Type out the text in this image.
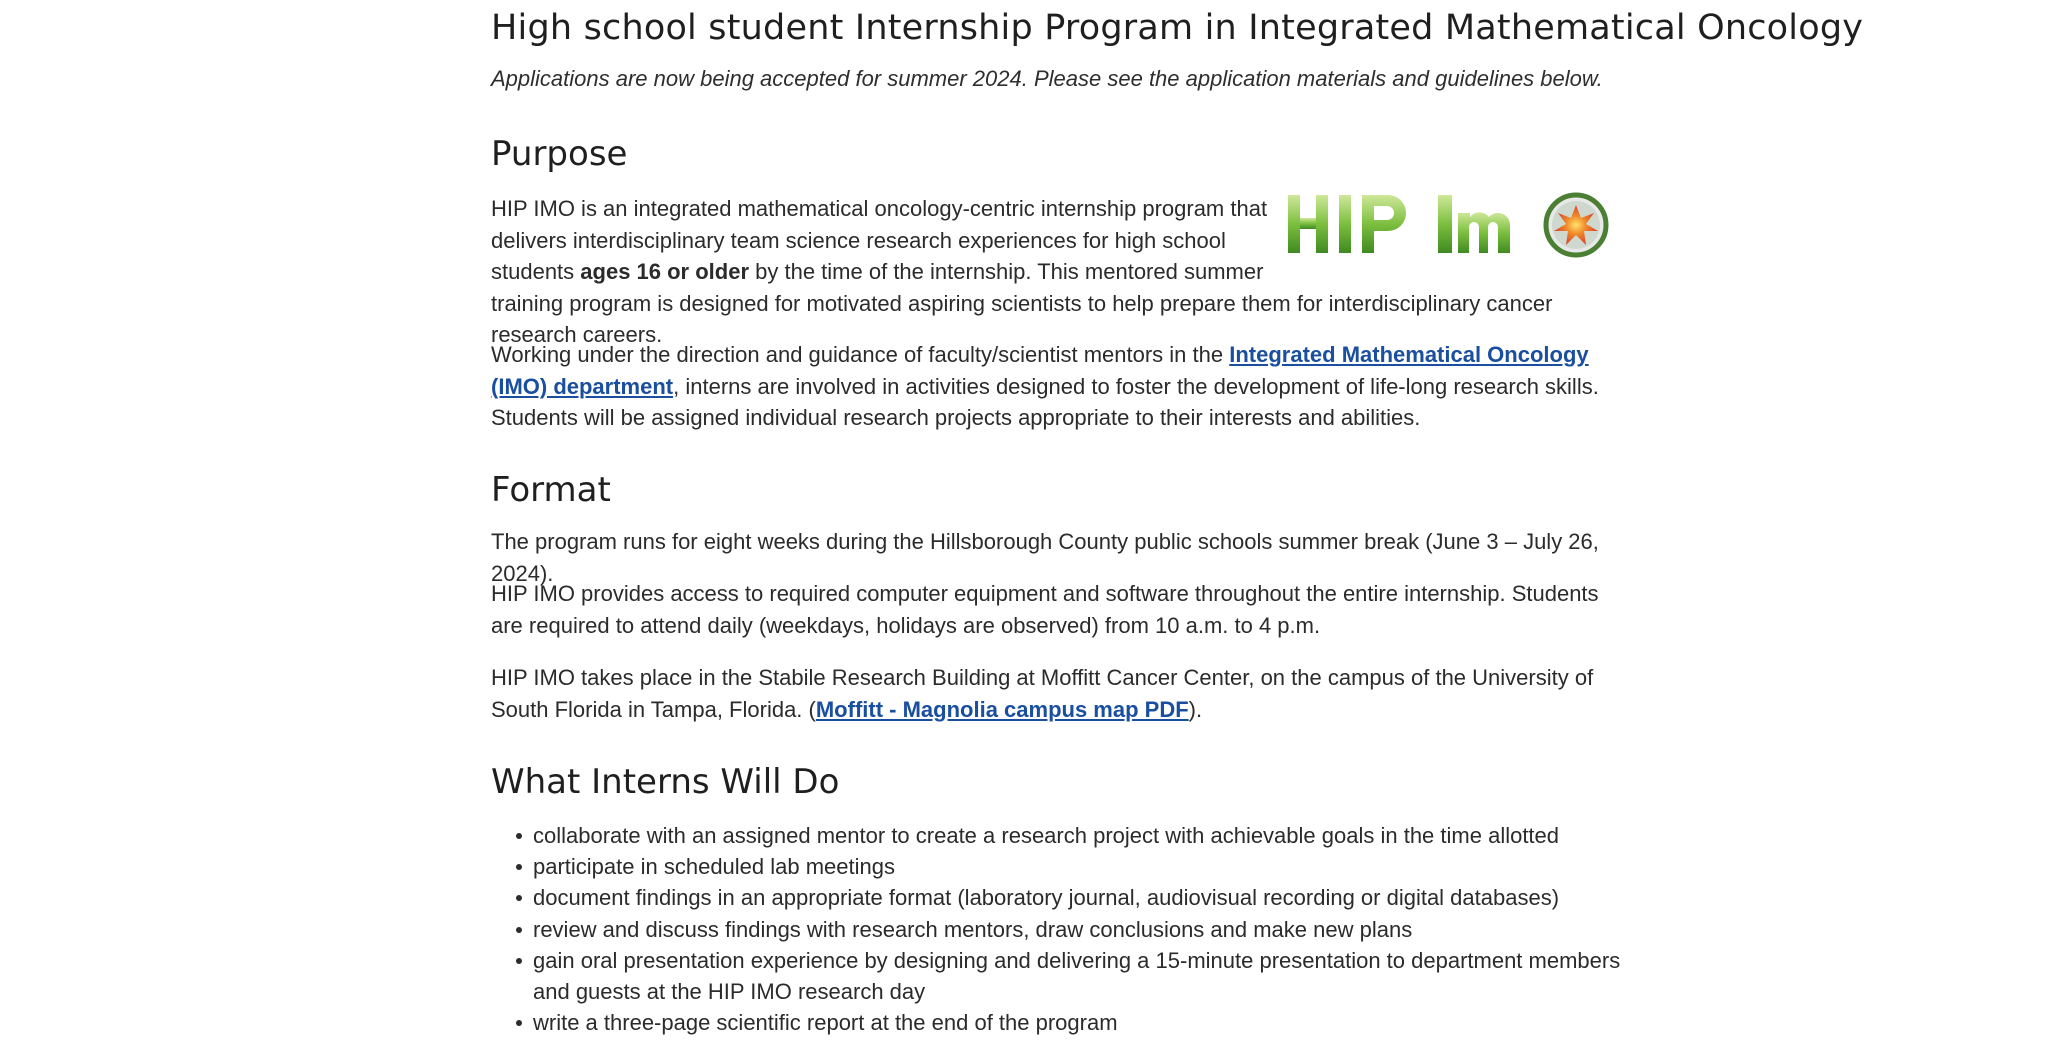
High school student Internship Program in Integrated Mathematical Oncology

Applications are now being accepted for summer 2024. Please see the application materials and guidelines below.

Purpose

HIP IMO is an integrated mathematical oncology-centric internship program that delivers interdisciplinary team science research experiences for high school students ages 16 or older by the time of the internship. This mentored summer training program is designed for motivated aspiring scientists to help prepare them for interdisciplinary cancer research careers.

Working under the direction and guidance of faculty/scientist mentors in the Integrated Mathematical Oncology (IMO) department, interns are involved in activities designed to foster the development of life-long research skills. Students will be assigned individual research projects appropriate to their interests and abilities.

Format

The program runs for eight weeks during the Hillsborough County public schools summer break (June 3 – July 26, 2024).

HIP IMO provides access to required computer equipment and software throughout the entire internship. Students are required to attend daily (weekdays, holidays are observed) from 10 a.m. to 4 p.m.

HIP IMO takes place in the Stabile Research Building at Moffitt Cancer Center, on the campus of the University of South Florida in Tampa, Florida. (Moffitt - Magnolia campus map PDF).

What Interns Will Do
collaborate with an assigned mentor to create a research project with achievable goals in the time allotted
participate in scheduled lab meetings
document findings in an appropriate format (laboratory journal, audiovisual recording or digital databases)
review and discuss findings with research mentors, draw conclusions and make new plans
gain oral presentation experience by designing and delivering a 15-minute presentation to department members and guests at the HIP IMO research day
write a three-page scientific report at the end of the program
